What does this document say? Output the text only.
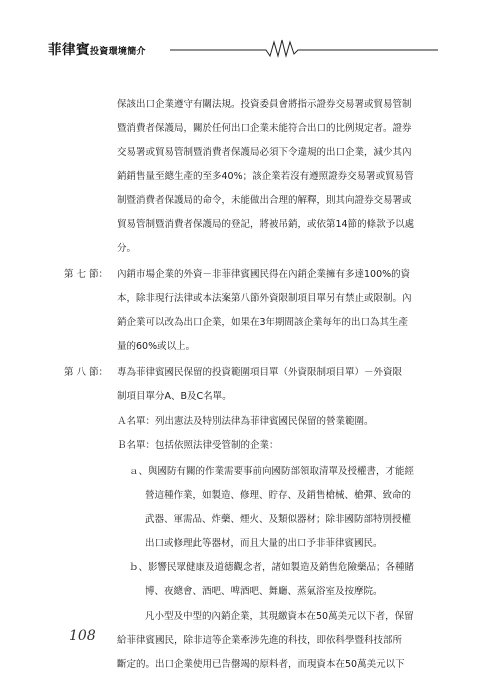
菲律賓投資環境簡介
保該出口企業遵守有關法規。投資委員會將指示證券交易署或貿易管制
暨消費者保護局，關於任何出口企業未能符合出口的比例規定者。證券
交易署或貿易管制暨消費者保護局必須下令違規的出口企業，減少其內
銷銷售量至總生產的至多40%；該企業若沒有遵照證券交易署或貿易管
制暨消費者保護局的命令，未能做出合理的解釋，則其向證券交易署或
貿易管制暨消費者保護局的登記，將被吊銷，或依第14節的條款予以處
分。
第 七 節： 內銷市場企業的外資－非菲律賓國民得在內銷企業擁有多達100%的資
本，除非現行法律或本法案第八節外資限制項目單另有禁止或限制。內
銷企業可以改為出口企業，如果在3年期間該企業每年的出口為其生產
量的60%或以上。
第 八 節： 專為菲律賓國民保留的投資範圍項目單（外資限制項目單）－外資限
制項目單分A、B及C名單。
Ａ名單：列出憲法及特別法律為菲律賓國民保留的營業範圍。
Ｂ名單：包括依照法律受管制的企業：
ａ、與國防有關的作業需要事前向國防部領取清單及授權書，才能經
營這種作業，如製造、修理、貯存、及銷售槍械、槍彈、致命的
武器、軍需品、炸藥、煙火、及類似器材；除非國防部特別授權
出口或修理此等器材，而且大量的出口予非菲律賓國民。
ｂ、影響民眾健康及道德觀念者，諸如製造及銷售危險藥品；各種賭
博、夜總會、酒吧、啤酒吧、舞廳、蒸氣浴室及按摩院。
凡小型及中型的內銷企業，其現繳資本在50萬美元以下者，保留
給菲律賓國民，除非這等企業牽涉先進的科技，即依科學暨科技部所
斷定的。出口企業使用已告罄竭的原料者，而現資本在50萬美元以下
108
